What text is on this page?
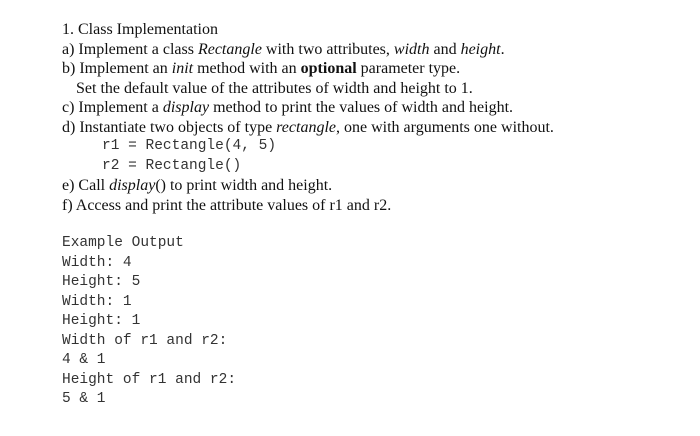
1. Class Implementation
a) Implement a class Rectangle with two attributes, width and height.
b) Implement an init method with an optional parameter type.
Set the default value of the attributes of width and height to 1.
c) Implement a display method to print the values of width and height.
d) Instantiate two objects of type rectangle, one with arguments one without.
r1 = Rectangle(4, 5)
r2 = Rectangle()
e) Call display() to print width and height.
f) Access and print the attribute values of r1 and r2.
Example Output
Width: 4
Height: 5
Width: 1
Height: 1
Width of r1 and r2:
4 & 1
Height of r1 and r2:
5 & 1
